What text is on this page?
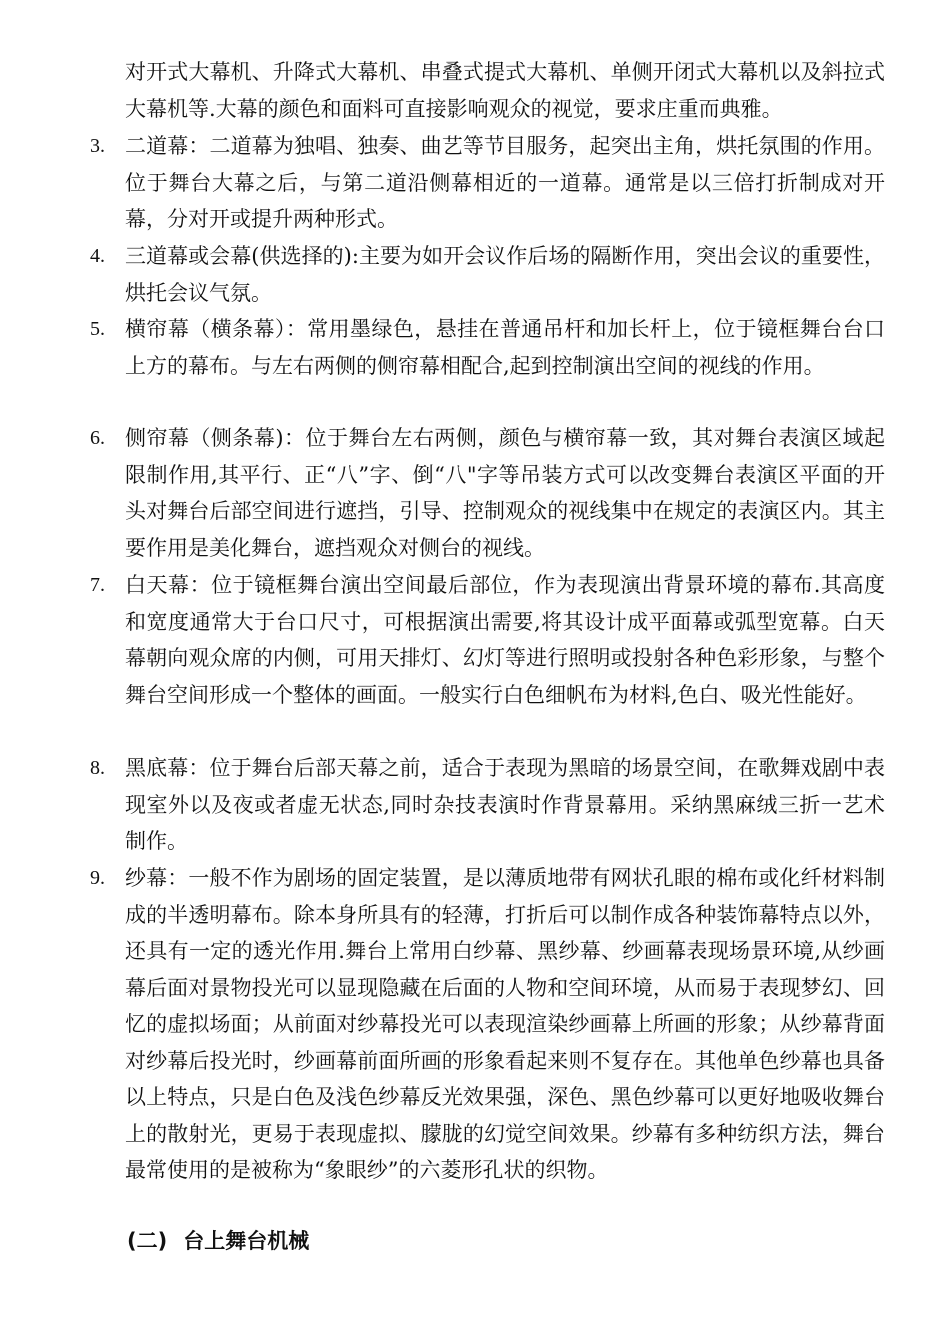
对开式大幕机、升降式大幕机、串叠式提式大幕机、单侧开闭式大幕机以及斜拉式大幕机等.大幕的颜色和面料可直接影响观众的视觉，要求庄重而典雅。

3. 二道幕：二道幕为独唱、独奏、曲艺等节目服务，起突出主角，烘托氛围的作用。位于舞台大幕之后，与第二道沿侧幕相近的一道幕。通常是以三倍打折制成对开幕，分对开或提升两种形式。

4. 三道幕或会幕(供选择的):主要为如开会议作后场的隔断作用，突出会议的重要性，烘托会议气氛。

5. 横帘幕（横条幕）：常用墨绿色，悬挂在普通吊杆和加长杆上，位于镜框舞台台口上方的幕布。与左右两侧的侧帘幕相配合,起到控制演出空间的视线的作用。

6. 侧帘幕（侧条幕)：位于舞台左右两侧，颜色与横帘幕一致，其对舞台表演区域起限制作用,其平行、正“八”字、倒“八"字等吊装方式可以改变舞台表演区平面的开头对舞台后部空间进行遮挡，引导、控制观众的视线集中在规定的表演区内。其主要作用是美化舞台，遮挡观众对侧台的视线。

7. 白天幕：位于镜框舞台演出空间最后部位，作为表现演出背景环境的幕布.其高度和宽度通常大于台口尺寸，可根据演出需要,将其设计成平面幕或弧型宽幕。白天幕朝向观众席的内侧，可用天排灯、幻灯等进行照明或投射各种色彩形象，与整个舞台空间形成一个整体的画面。一般实行白色细帆布为材料,色白、吸光性能好。

8. 黑底幕：位于舞台后部天幕之前，适合于表现为黑暗的场景空间，在歌舞戏剧中表现室外以及夜或者虚无状态,同时杂技表演时作背景幕用。采纳黑麻绒三折一艺术制作。

9. 纱幕：一般不作为剧场的固定装置，是以薄质地带有网状孔眼的棉布或化纤材料制成的半透明幕布。除本身所具有的轻薄，打折后可以制作成各种装饰幕特点以外，还具有一定的透光作用.舞台上常用白纱幕、黑纱幕、纱画幕表现场景环境,从纱画幕后面对景物投光可以显现隐藏在后面的人物和空间环境，从而易于表现梦幻、回忆的虚拟场面；从前面对纱幕投光可以表现渲染纱画幕上所画的形象；从纱幕背面对纱幕后投光时，纱画幕前面所画的形象看起来则不复存在。其他单色纱幕也具备以上特点，只是白色及浅色纱幕反光效果强，深色、黑色纱幕可以更好地吸收舞台上的散射光，更易于表现虚拟、朦胧的幻觉空间效果。纱幕有多种纺织方法，舞台最常使用的是被称为“象眼纱”的六菱形孔状的织物。

(二) 台上舞台机械
